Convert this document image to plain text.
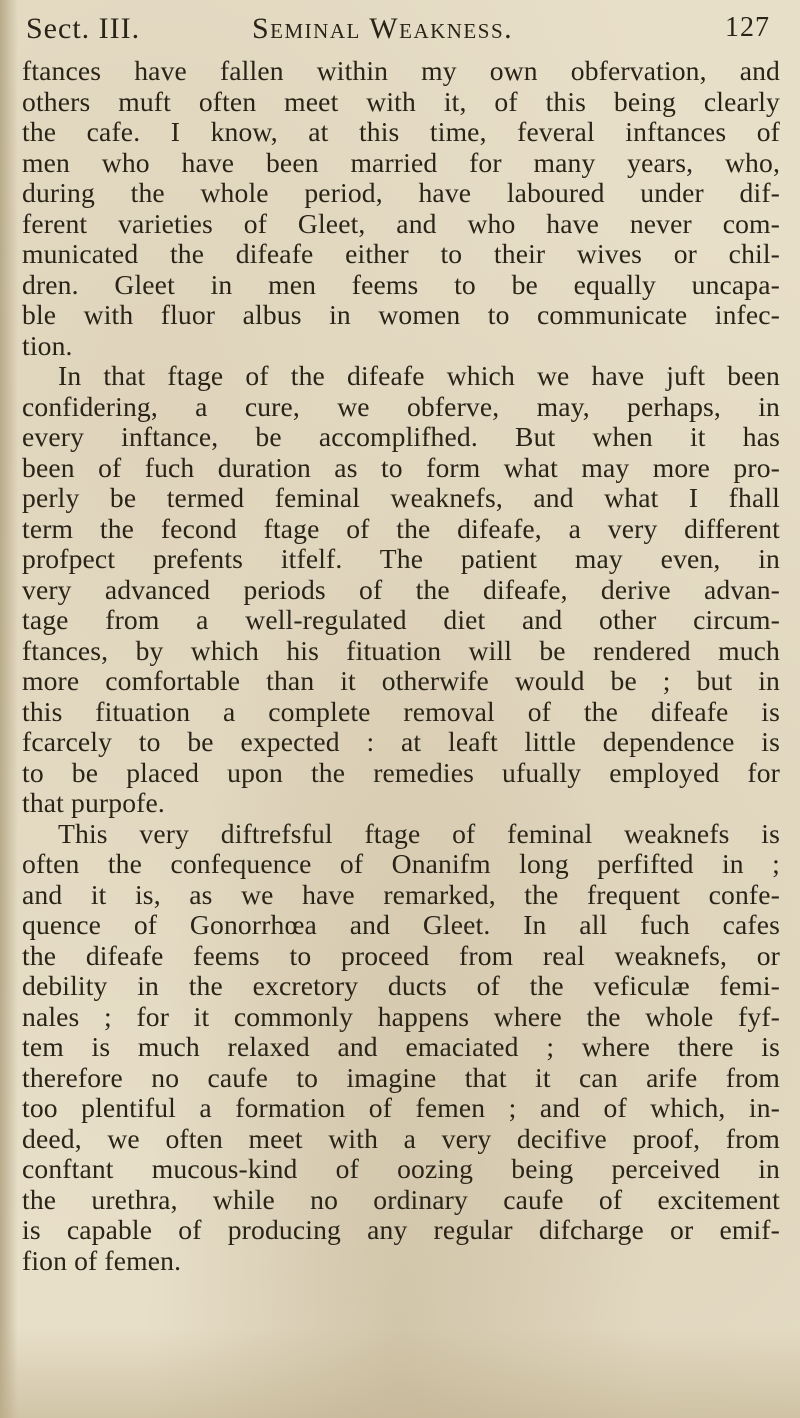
Sect. III.	Seminal Weakness.	127
ftances have fallen within my own obfervation, and
others muft often meet with it, of this being clearly
the cafe. I know, at this time, feveral inftances of
men who have been married for many years, who,
during the whole period, have laboured under dif-
ferent varieties of Gleet, and who have never com-
municated the difeafe either to their wives or chil-
dren. Gleet in men feems to be equally uncapa-
ble with fluor albus in women to communicate infec-
tion.
In that ftage of the difeafe which we have juft been
confidering, a cure, we obferve, may, perhaps, in
every inftance, be accomplifhed. But when it has
been of fuch duration as to form what may more pro-
perly be termed feminal weaknefs, and what I fhall
term the fecond ftage of the difeafe, a very different
profpect prefents itfelf. The patient may even, in
very advanced periods of the difeafe, derive advan-
tage from a well-regulated diet and other circum-
ftances, by which his fituation will be rendered much
more comfortable than it otherwife would be ; but in
this fituation a complete removal of the difeafe is
fcarcely to be expected : at leaft little dependence is
to be placed upon the remedies ufually employed for
that purpofe.
This very diftrefsful ftage of feminal weaknefs is
often the confequence of Onanifm long perfifted in ;
and it is, as we have remarked, the frequent confe-
quence of Gonorrhœa and Gleet. In all fuch cafes
the difeafe feems to proceed from real weaknefs, or
debility in the excretory ducts of the veficulæ femi-
nales ; for it commonly happens where the whole fyf-
tem is much relaxed and emaciated ; where there is
therefore no caufe to imagine that it can arife from
too plentiful a formation of femen ; and of which, in-
deed, we often meet with a very decifive proof, from
conftant mucous-kind of oozing being perceived in
the urethra, while no ordinary caufe of excitement
is capable of producing any regular difcharge or emif-
fion of femen.
